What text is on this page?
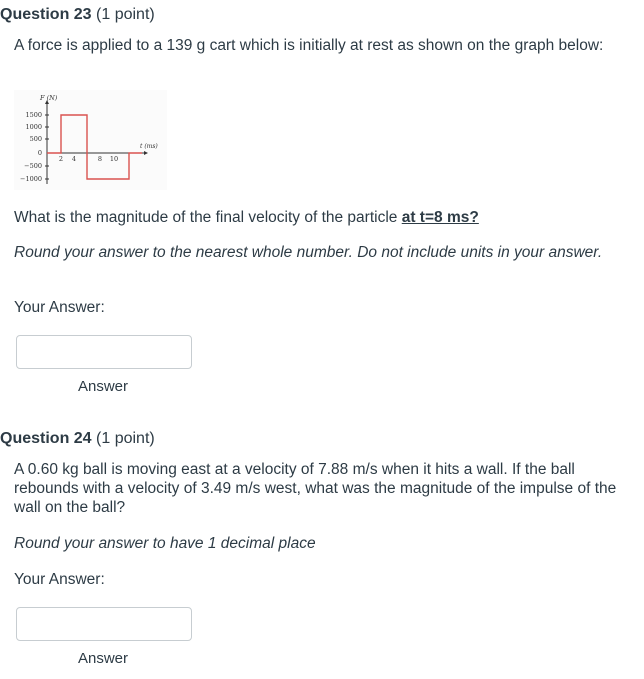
Question 23 (1 point)
A force is applied to a 139 g cart which is initially at rest as shown on the graph below:
1500
1000
500
0
−500
−1000
2 4	8 10
F (N)
t (ms)
What is the magnitude of the final velocity of the particle at t=8 ms?
Round your answer to the nearest whole number. Do not include units in your answer.
Your Answer:
Answer
Question 24 (1 point)
A 0.60 kg ball is moving east at a velocity of 7.88 m/s when it hits a wall. If the ball rebounds with a velocity of 3.49 m/s west, what was the magnitude of the impulse of the wall on the ball?
Round your answer to have 1 decimal place
Your Answer:
Answer
